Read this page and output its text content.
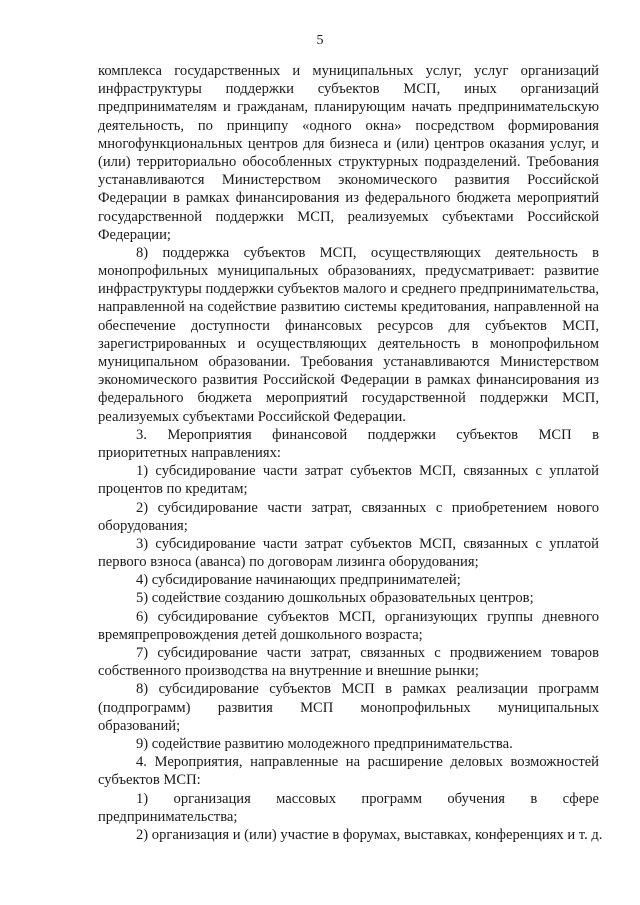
5
комплекса государственных и муниципальных услуг, услуг организаций
инфраструктуры поддержки субъектов МСП, иных организаций
предпринимателям и гражданам, планирующим начать предпринимательскую
деятельность, по принципу «одного окна» посредством формирования
многофункциональных центров для бизнеса и (или) центров оказания услуг, и
(или) территориально обособленных структурных подразделений. Требования
устанавливаются Министерством экономического развития Российской
Федерации в рамках финансирования из федерального бюджета мероприятий
государственной поддержки МСП, реализуемых субъектами Российской
Федерации;
8) поддержка субъектов МСП, осуществляющих деятельность в
монопрофильных муниципальных образованиях, предусматривает: развитие
инфраструктуры поддержки субъектов малого и среднего предпринимательства,
направленной на содействие развитию системы кредитования, направленной на
обеспечение доступности финансовых ресурсов для субъектов МСП,
зарегистрированных и осуществляющих деятельность в монопрофильном
муниципальном образовании. Требования устанавливаются Министерством
экономического развития Российской Федерации в рамках финансирования из
федерального бюджета мероприятий государственной поддержки МСП,
реализуемых субъектами Российской Федерации.
3. Мероприятия финансовой поддержки субъектов МСП в
приоритетных направлениях:
1) субсидирование части затрат субъектов МСП, связанных с уплатой
процентов по кредитам;
2) субсидирование части затрат, связанных с приобретением нового
оборудования;
3) субсидирование части затрат субъектов МСП, связанных с уплатой
первого взноса (аванса) по договорам лизинга оборудования;
4) субсидирование начинающих предпринимателей;
5) содействие созданию дошкольных образовательных центров;
6) субсидирование субъектов МСП, организующих группы дневного
времяпрепровождения детей дошкольного возраста;
7) субсидирование части затрат, связанных с продвижением товаров
собственного производства на внутренние и внешние рынки;
8) субсидирование субъектов МСП в рамках реализации программ
(подпрограмм) развития МСП монопрофильных муниципальных
образований;
9) содействие развитию молодежного предпринимательства.
4. Мероприятия, направленные на расширение деловых возможностей
субъектов МСП:
1) организация массовых программ обучения в сфере
предпринимательства;
2) организация и (или) участие в форумах, выставках, конференциях и т. д.
